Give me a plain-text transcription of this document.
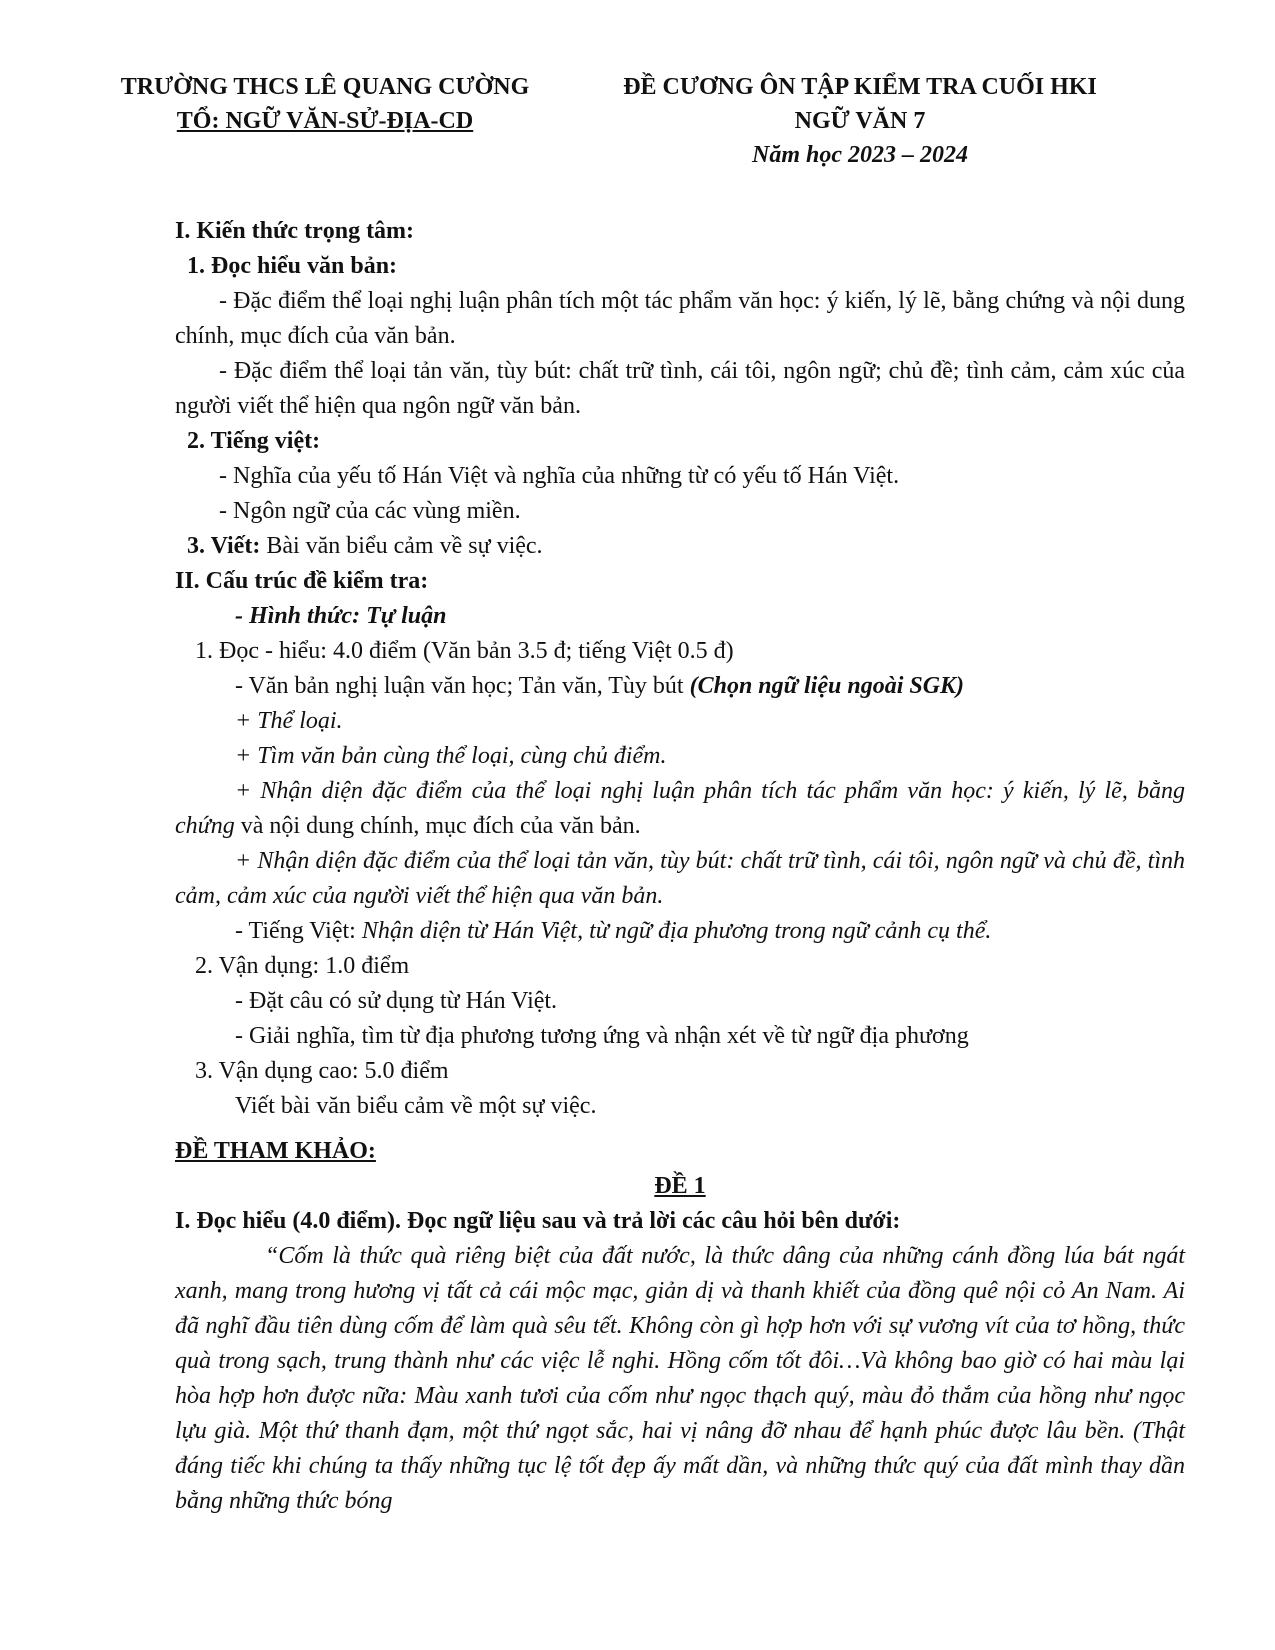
TRƯỜNG THCS LÊ QUANG CƯỜNG
TỔ: NGỮ VĂN-SỬ-ĐỊA-CD
ĐỀ CƯƠNG ÔN TẬP KIỂM TRA CUỐI HKI
NGỮ VĂN 7
Năm học 2023 – 2024

I. Kiến thức trọng tâm:

1. Đọc hiểu văn bản:

- Đặc điểm thể loại nghị luận phân tích một tác phẩm văn học: ý kiến, lý lẽ, bằng chứng và nội dung chính, mục đích của văn bản.

- Đặc điểm thể loại tản văn, tùy bút: chất trữ tình, cái tôi, ngôn ngữ; chủ đề; tình cảm, cảm xúc của người viết thể hiện qua ngôn ngữ văn bản.

2. Tiếng việt:

- Nghĩa của yếu tố Hán Việt và nghĩa của những từ có yếu tố Hán Việt.

- Ngôn ngữ của các vùng miền.

3. Viết: Bài văn biểu cảm về sự việc.

II. Cấu trúc đề kiểm tra:

- Hình thức: Tự luận

1. Đọc - hiểu: 4.0 điểm (Văn bản 3.5 đ; tiếng Việt 0.5 đ)

- Văn bản nghị luận văn học; Tản văn, Tùy bút (Chọn ngữ liệu ngoài SGK)

+ Thể loại.

+ Tìm văn bản cùng thể loại, cùng chủ điểm.

+ Nhận diện đặc điểm của thể loại nghị luận phân tích tác phẩm văn học: ý kiến, lý lẽ, bằng chứng và nội dung chính, mục đích của văn bản.

+ Nhận diện đặc điểm của thể loại tản văn, tùy bút: chất trữ tình, cái tôi, ngôn ngữ và chủ đề, tình cảm, cảm xúc của người viết thể hiện qua văn bản.

- Tiếng Việt: Nhận diện từ Hán Việt, từ ngữ địa phương trong ngữ cảnh cụ thể.

2. Vận dụng: 1.0 điểm

- Đặt câu có sử dụng từ Hán Việt.

- Giải nghĩa, tìm từ địa phương tương ứng và nhận xét về từ ngữ địa phương

3. Vận dụng cao: 5.0 điểm

Viết bài văn biểu cảm về một sự việc.

ĐỀ THAM KHẢO:

ĐỀ 1

I. Đọc hiểu (4.0 điểm). Đọc ngữ liệu sau và trả lời các câu hỏi bên dưới:

“Cốm là thức quà riêng biệt của đất nước, là thức dâng của những cánh đồng lúa bát ngát xanh, mang trong hương vị tất cả cái mộc mạc, giản dị và thanh khiết của đồng quê nội cỏ An Nam. Ai đã nghĩ đầu tiên dùng cốm để làm quà sêu tết. Không còn gì hợp hơn với sự vương vít của tơ hồng, thức quà trong sạch, trung thành như các việc lễ nghi. Hồng cốm tốt đôi…Và không bao giờ có hai màu lại hòa hợp hơn được nữa: Màu xanh tươi của cốm như ngọc thạch quý, màu đỏ thắm của hồng như ngọc lựu già. Một thứ thanh đạm, một thứ ngọt sắc, hai vị nâng đỡ nhau để hạnh phúc được lâu bền. (Thật đáng tiếc khi chúng ta thấy những tục lệ tốt đẹp ấy mất dần, và những thức quý của đất mình thay dần bằng những thức bóng
